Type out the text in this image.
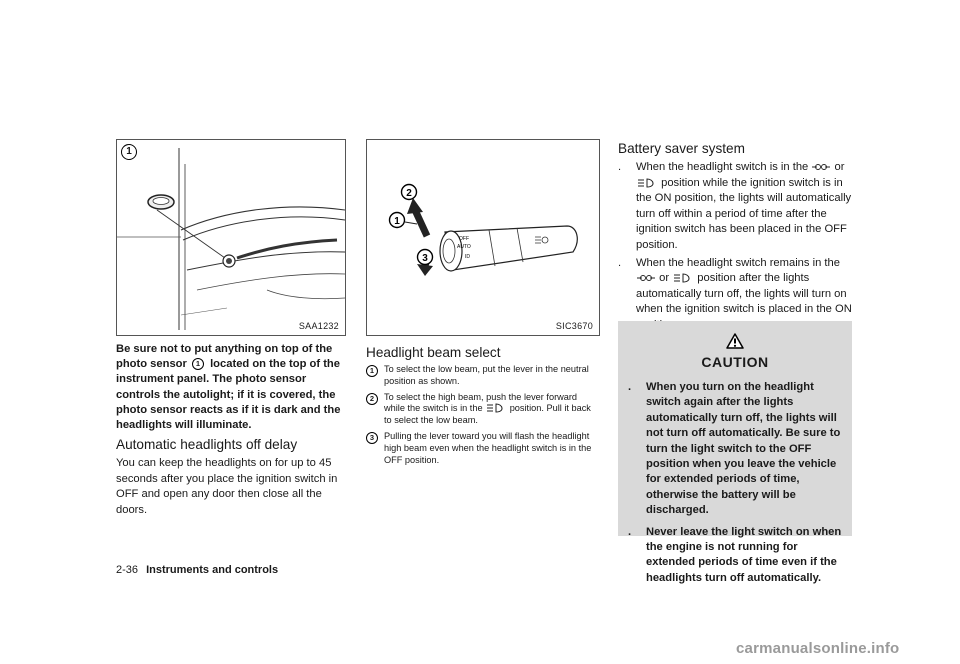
1
SAA1232
Be sure not to put anything on top of the photo sensor 1 located on the top of the instrument panel. The photo sensor controls the autolight; if it is covered, the photo sensor reacts as if it is dark and the headlights will illuminate.
Automatic headlights off delay
You can keep the headlights on for up to 45 seconds after you place the ignition switch in OFF and open any door then close all the doors.
OFF
AUTO
ID
2
1
3
SIC3670
Headlight beam select
1	To select the low beam, put the lever in the neutral position as shown.
2	To select the high beam, push the lever forward while the switch is in the	position. Pull it back to select the low beam.
3	Pulling the lever toward you will flash the headlight high beam even when the headlight switch is in the OFF position.
Battery saver system
. When the headlight switch is in the or  position while the ignition switch is in the ON position, the lights will automatically turn off within a period of time after the ignition switch has been placed in the OFF position.
. When the headlight switch remains in the  or	position after the lights automatically turn off, the lights will turn on when the ignition switch is placed in the ON
CAUTION
. When you turn on the headlight switch again after the lights automatically turn off, the lights will not turn off automatically. Be sure to turn the light switch to the OFF position when you leave the vehicle for extended periods of time, otherwise the battery will be discharged.
. Never leave the light switch on when the engine is not running for extended periods of time even if the headlights turn off automatically.
2-36 Instruments and controls
carmanualsonline.info
